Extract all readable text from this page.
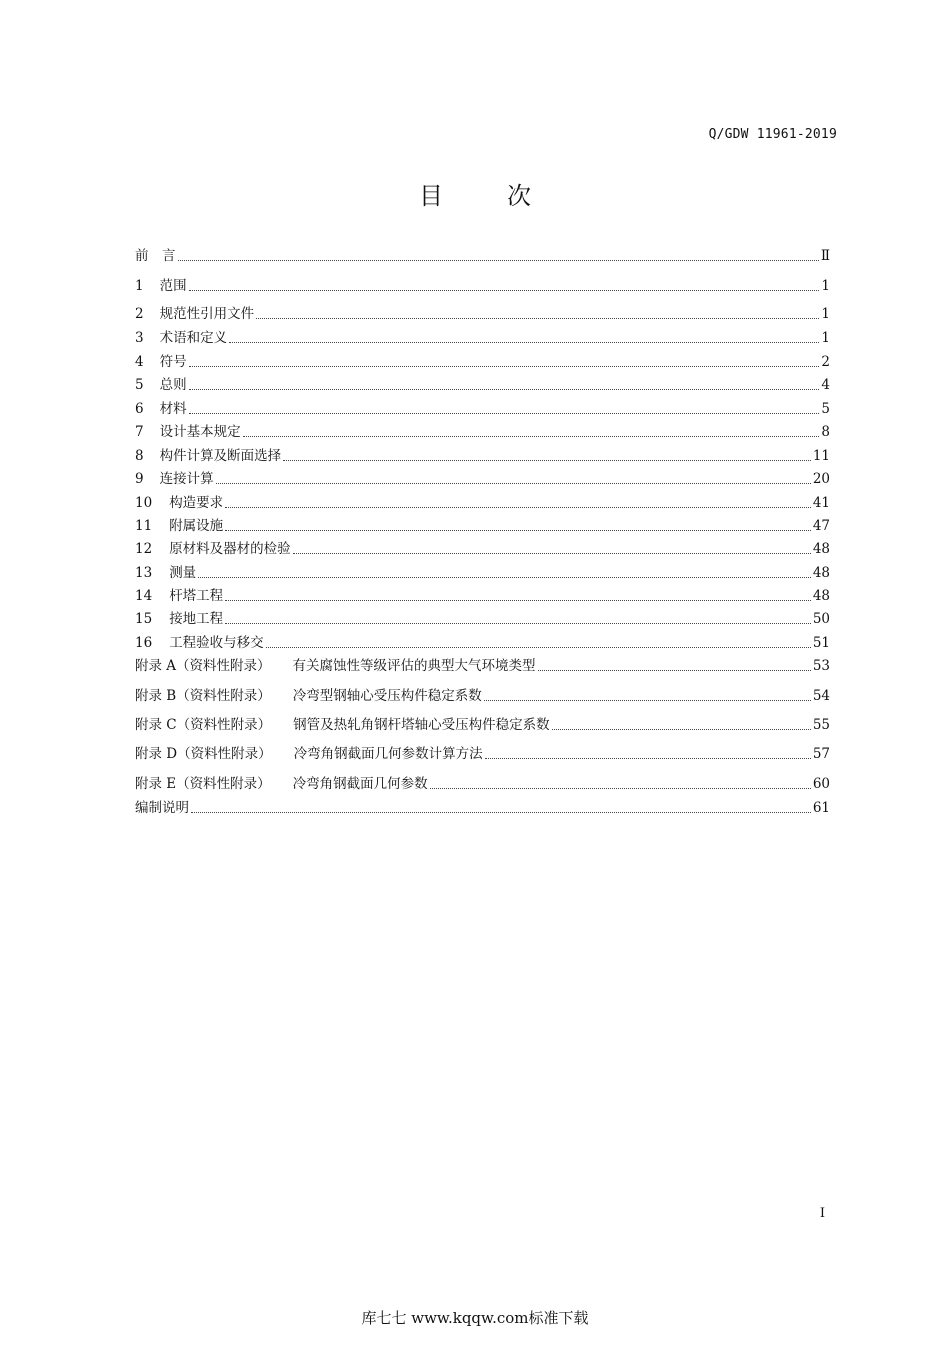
Q/GDW 11961-2019
目	次
前　言	Ⅱ
1 范围	1
2 规范性引用文件	1
3 术语和定义	1
4 符号	2
5 总则	4
6 材料	5
7 设计基本规定	8
8 构件计算及断面选择	11
9 连接计算	20
10 构造要求	41
11 附属设施	47
12 原材料及器材的检验	48
13 测量	48
14 杆塔工程	48
15 接地工程	50
16 工程验收与移交	51
附录 A（资料性附录） 有关腐蚀性等级评估的典型大气环境类型	53
附录 B（资料性附录） 冷弯型钢轴心受压构件稳定系数	54
附录 C（资料性附录） 钢管及热轧角钢杆塔轴心受压构件稳定系数	55
附录 D（资料性附录） 冷弯角钢截面几何参数计算方法	57
附录 E（资料性附录） 冷弯角钢截面几何参数	60
编制说明	61
I
库七七 www.kqqw.com标准下载
